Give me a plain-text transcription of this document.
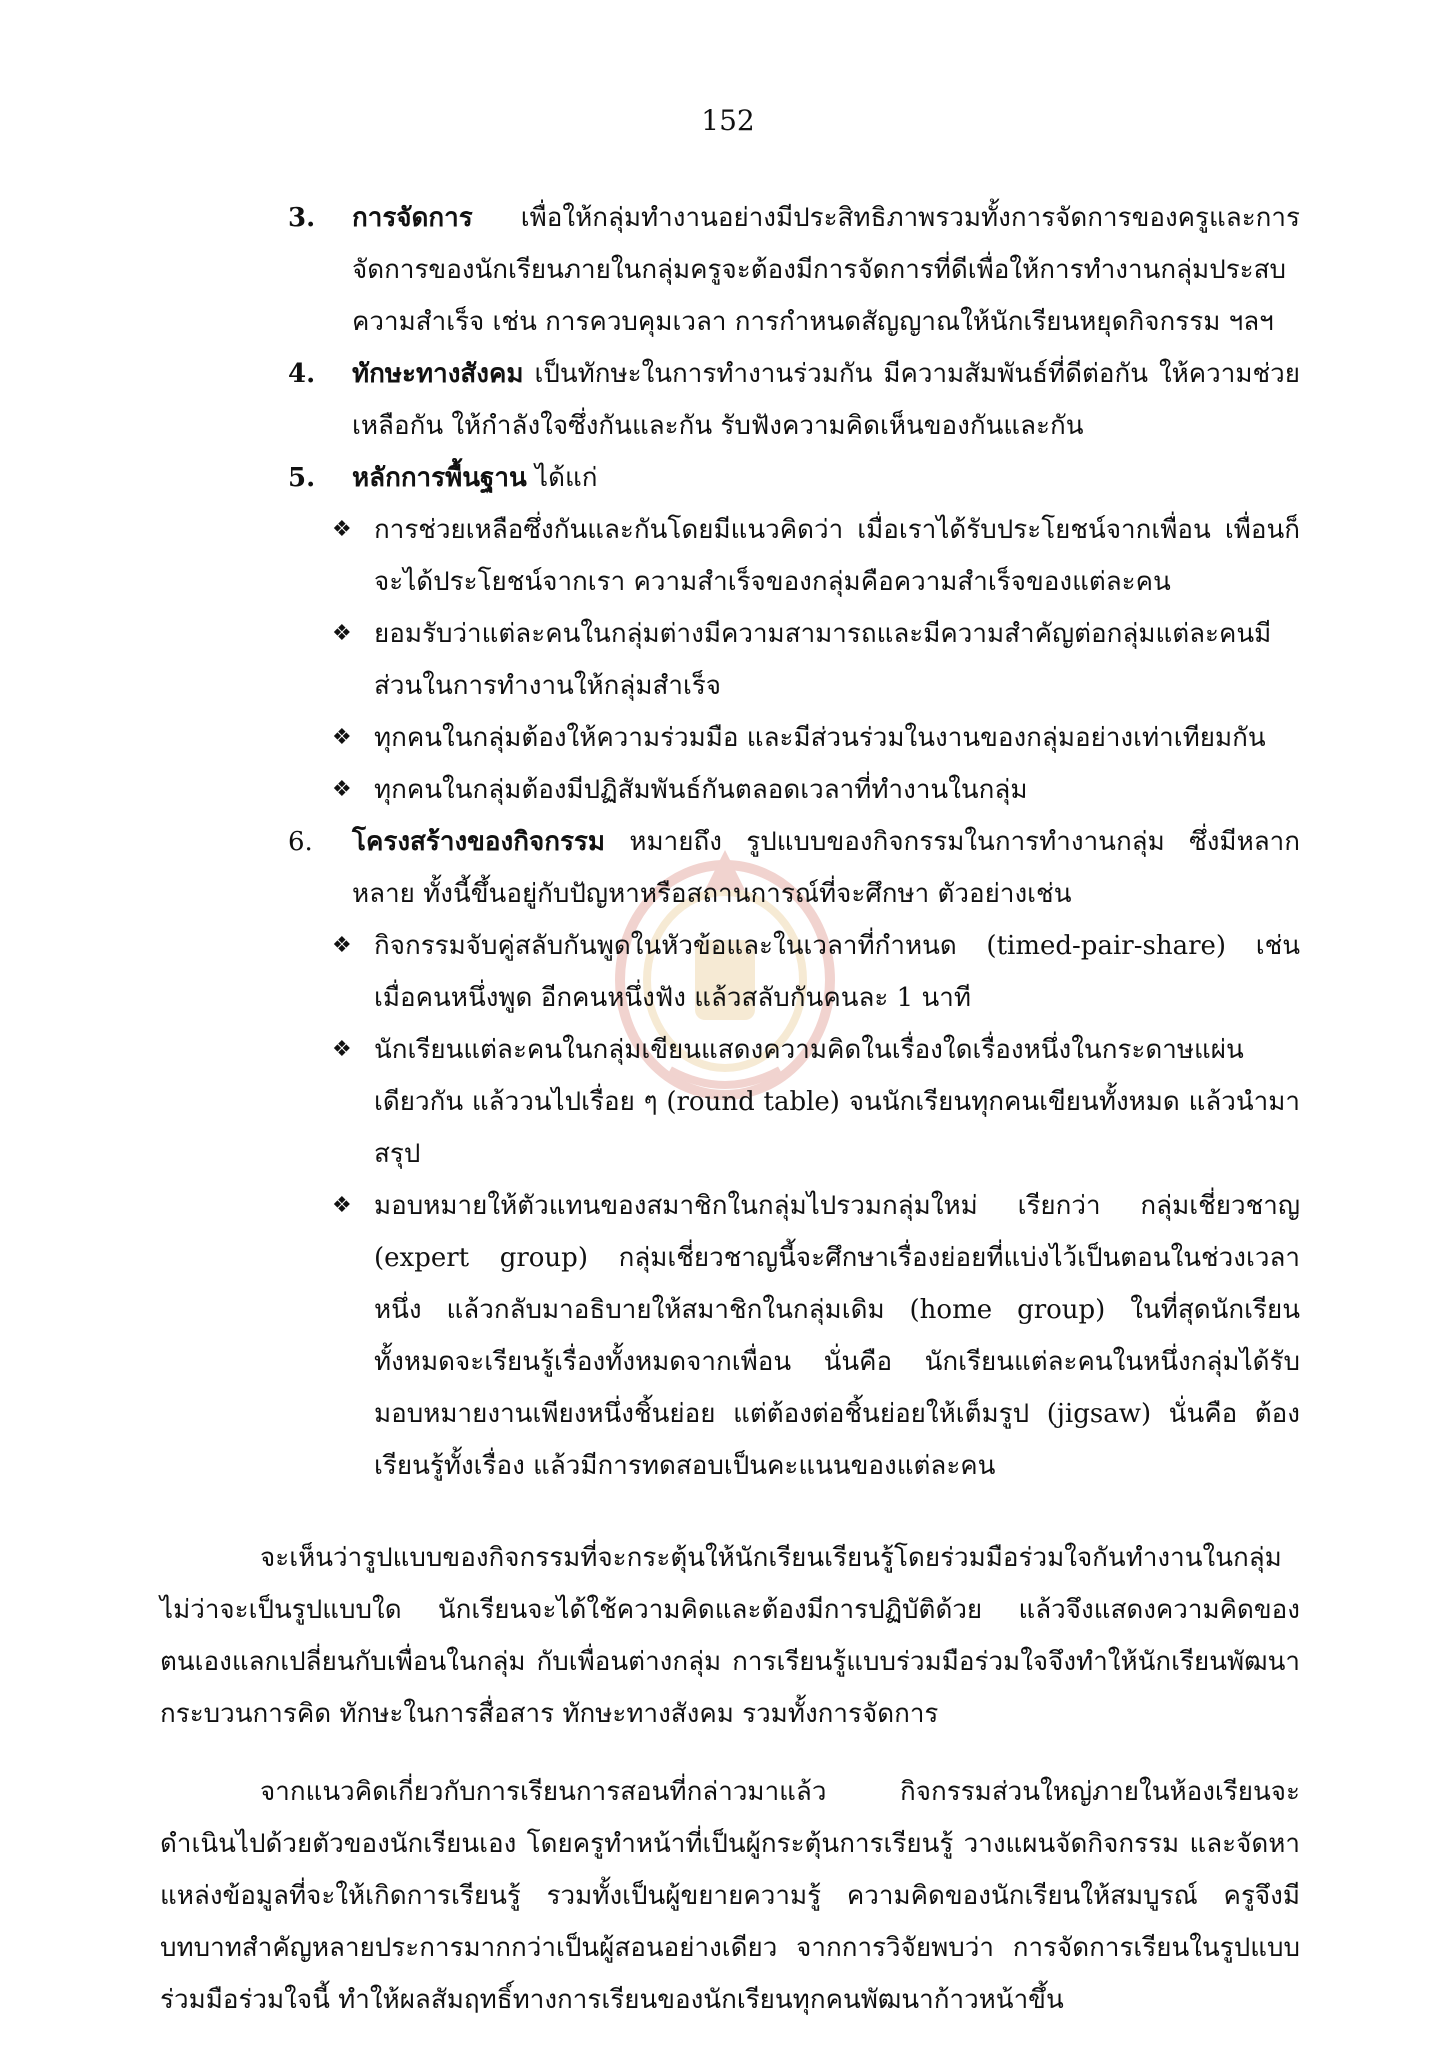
152
3. การจัดการ เพื่อให้กลุ่มทำงานอย่างมีประสิทธิภาพรวมทั้งการจัดการของครูและการจัดการของนักเรียนภายในกลุ่มครูจะต้องมีการจัดการที่ดีเพื่อให้การทำงานกลุ่มประสบความสำเร็จ เช่น การควบคุมเวลา การกำหนดสัญญาณให้นักเรียนหยุดกิจกรรม ฯลฯ
4. ทักษะทางสังคม เป็นทักษะในการทำงานร่วมกัน มีความสัมพันธ์ที่ดีต่อกัน ให้ความช่วยเหลือกัน ให้กำลังใจซึ่งกันและกัน รับฟังความคิดเห็นของกันและกัน
5. หลักการพื้นฐาน ได้แก่
❖ การช่วยเหลือซึ่งกันและกันโดยมีแนวคิดว่า เมื่อเราได้รับประโยชน์จากเพื่อน เพื่อนก็จะได้ประโยชน์จากเรา ความสำเร็จของกลุ่มคือความสำเร็จของแต่ละคน
❖ ยอมรับว่าแต่ละคนในกลุ่มต่างมีความสามารถและมีความสำคัญต่อกลุ่มแต่ละคนมีส่วนในการทำงานให้กลุ่มสำเร็จ
❖ ทุกคนในกลุ่มต้องให้ความร่วมมือ และมีส่วนร่วมในงานของกลุ่มอย่างเท่าเทียมกัน
❖ ทุกคนในกลุ่มต้องมีปฏิสัมพันธ์กันตลอดเวลาที่ทำงานในกลุ่ม
6. โครงสร้างของกิจกรรม หมายถึง รูปแบบของกิจกรรมในการทำงานกลุ่ม ซึ่งมีหลากหลาย ทั้งนี้ขึ้นอยู่กับปัญหาหรือสถานการณ์ที่จะศึกษา ตัวอย่างเช่น
❖ กิจกรรมจับคู่สลับกันพูดในหัวข้อและในเวลาที่กำหนด (timed-pair-share) เช่น เมื่อคนหนึ่งพูด อีกคนหนึ่งฟัง แล้วสลับกันคนละ 1 นาที
❖ นักเรียนแต่ละคนในกลุ่มเขียนแสดงความคิดในเรื่องใดเรื่องหนึ่งในกระดาษแผ่นเดียวกัน แล้ววนไปเรื่อย ๆ (round table) จนนักเรียนทุกคนเขียนทั้งหมด แล้วนำมาสรุป
❖ มอบหมายให้ตัวแทนของสมาชิกในกลุ่มไปรวมกลุ่มใหม่ เรียกว่า กลุ่มเชี่ยวชาญ (expert group) กลุ่มเชี่ยวชาญนี้จะศึกษาเรื่องย่อยที่แบ่งไว้เป็นตอนในช่วงเวลาหนึ่ง แล้วกลับมาอธิบายให้สมาชิกในกลุ่มเดิม (home group) ในที่สุดนักเรียนทั้งหมดจะเรียนรู้เรื่องทั้งหมดจากเพื่อน นั่นคือ นักเรียนแต่ละคนในหนึ่งกลุ่มได้รับมอบหมายงานเพียงหนึ่งชิ้นย่อย แต่ต้องต่อชิ้นย่อยให้เต็มรูป (jigsaw) นั่นคือ ต้องเรียนรู้ทั้งเรื่อง แล้วมีการทดสอบเป็นคะแนนของแต่ละคน

จะเห็นว่ารูปแบบของกิจกรรมที่จะกระตุ้นให้นักเรียนเรียนรู้โดยร่วมมือร่วมใจกันทำงานในกลุ่ม ไม่ว่าจะเป็นรูปแบบใด นักเรียนจะได้ใช้ความคิดและต้องมีการปฏิบัติด้วย แล้วจึงแสดงความคิดของตนเองแลกเปลี่ยนกับเพื่อนในกลุ่ม กับเพื่อนต่างกลุ่ม การเรียนรู้แบบร่วมมือร่วมใจจึงทำให้นักเรียนพัฒนากระบวนการคิด ทักษะในการสื่อสาร ทักษะทางสังคม รวมทั้งการจัดการ

จากแนวคิดเกี่ยวกับการเรียนการสอนที่กล่าวมาแล้ว กิจกรรมส่วนใหญ่ภายในห้องเรียนจะดำเนินไปด้วยตัวของนักเรียนเอง โดยครูทำหน้าที่เป็นผู้กระตุ้นการเรียนรู้ วางแผนจัดกิจกรรม และจัดหาแหล่งข้อมูลที่จะให้เกิดการเรียนรู้ รวมทั้งเป็นผู้ขยายความรู้ ความคิดของนักเรียนให้สมบูรณ์ ครูจึงมีบทบาทสำคัญหลายประการมากกว่าเป็นผู้สอนอย่างเดียว จากการวิจัยพบว่า การจัดการเรียนในรูปแบบร่วมมือร่วมใจนี้ ทำให้ผลสัมฤทธิ์ทางการเรียนของนักเรียนทุกคนพัฒนาก้าวหน้าขึ้น
